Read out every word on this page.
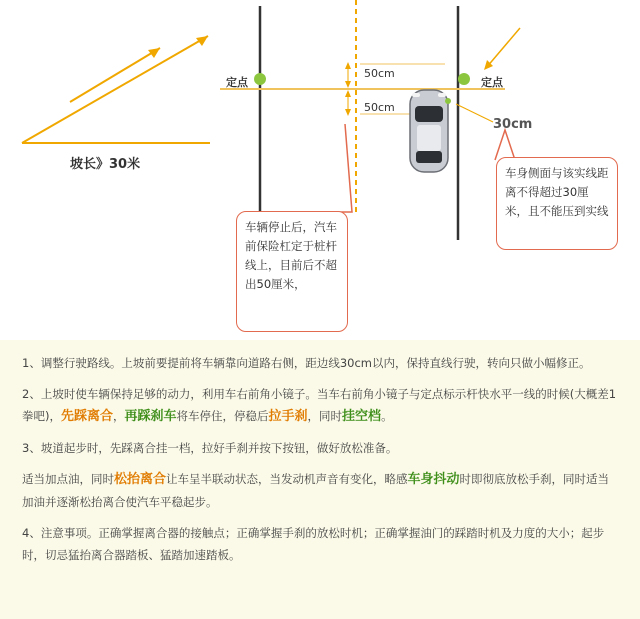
坡长》30米
定点	定点
50cm
50cm
30cm
车辆停止后，汽车前保险杠定于桩杆线上，目前后不超出50厘米，
车身侧面与该实线距离不得超过30厘米，且不能压到实线

1、调整行驶路线。上坡前要提前将车辆靠向道路右侧，距边线30cm以内，保持直线行驶，转向只做小幅修正。

2、上坡时使车辆保持足够的动力，利用车右前角小镜子。当车右前角小镜子与定点标示杆快水平一线的时候(大概差1拳吧)，先踩离合，再踩刹车将车停住，停稳后拉手刹，同时挂空档。

3、坡道起步时，先踩离合挂一档，拉好手刹并按下按钮，做好放松准备。

适当加点油，同时松抬离合让车呈半联动状态，当发动机声音有变化，略感车身抖动时即彻底放松手刹，同时适当加油并逐渐松抬离合使汽车平稳起步。

4、注意事项。正确掌握离合器的接触点；正确掌握手刹的放松时机；正确掌握油门的踩踏时机及力度的大小；起步时，切忌猛抬离合器踏板、猛踏加速踏板。
